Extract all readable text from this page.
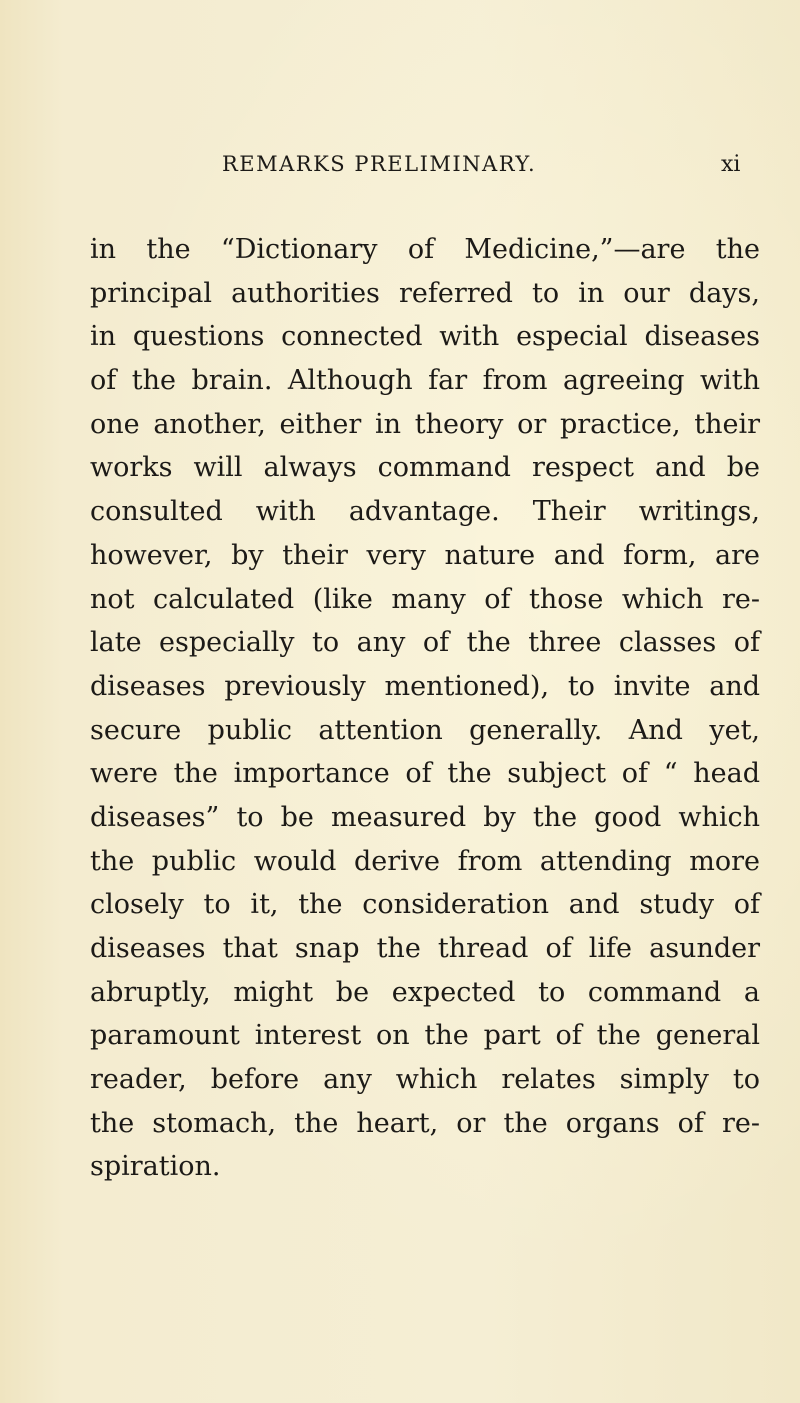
REMARKS PRELIMINARY.	xi
in the “Dictionary of Medicine,”—are the
principal authorities referred to in our days,
in questions connected with especial diseases
of the brain. Although far from agreeing with
one another, either in theory or practice, their
works will always command respect and be
consulted with advantage. Their writings,
however, by their very nature and form, are
not calculated (like many of those which re-
late especially to any of the three classes of
diseases previously mentioned), to invite and
secure public attention generally. And yet,
were the importance of the subject of “ head
diseases” to be measured by the good which
the public would derive from attending more
closely to it, the consideration and study of
diseases that snap the thread of life asunder
abruptly, might be expected to command a
paramount interest on the part of the general
reader, before any which relates simply to
the stomach, the heart, or the organs of re-
spiration.
